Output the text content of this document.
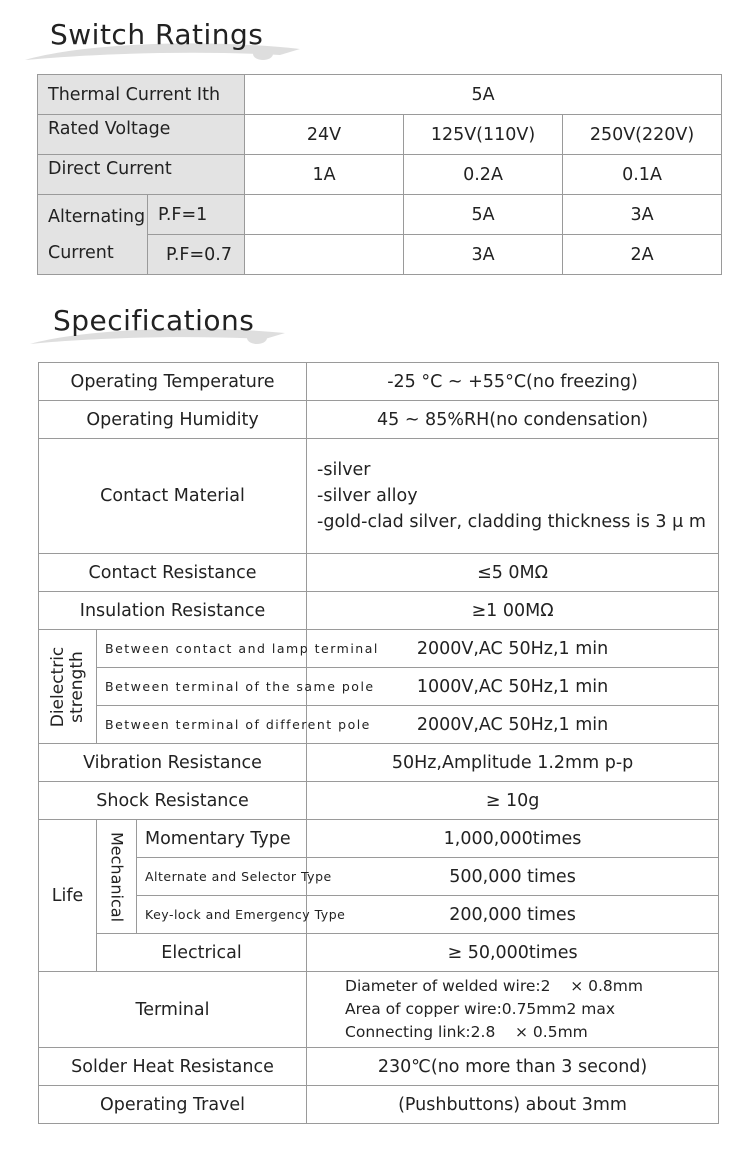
Switch Ratings
Thermal Current Ith		5A		
Rated Voltage		24V	125V(110V)	250V(220V)
Direct Current		1A	0.2A	0.1A

Alternating
Current	P.F=1		5A	3A
	P.F=0.7		3A	2A
Specifications
Operating Temperature			-25 °C ~ +55°C(no freezing)
Operating Humidity			45 ~ 85%RH(no condensation)
Contact Material			-silver
-silver alloy
-gold-clad silver, cladding thickness is 3 μ m

Contact Resistance			≤5 0MΩ
Insulation Resistance			≥1 00MΩ

Dielectric strength	Between contact and lamp terminal		2000V,AC 50Hz,1 min
	Between terminal of the same pole		1000V,AC 50Hz,1 min
	Between terminal of different pole		2000V,AC 50Hz,1 min
Vibration Resistance			50Hz,Amplitude 1.2mm p-p
Shock Resistance			≥ 10g
Life	Mechanical	Momentary Type	1,000,000times
		Alternate and Selector Type	500,000 times
		Key-lock and Emergency Type	200,000 times
	Electrical		≥ 50,000times
Terminal			Diameter of welded wire:2    × 0.8mm
Area of copper wire:0.75mm2 max
Connecting link:2.8    × 0.5mm

Solder Heat Resistance			230℃(no more than 3 second)
Operating Travel			(Pushbuttons) about 3mm
